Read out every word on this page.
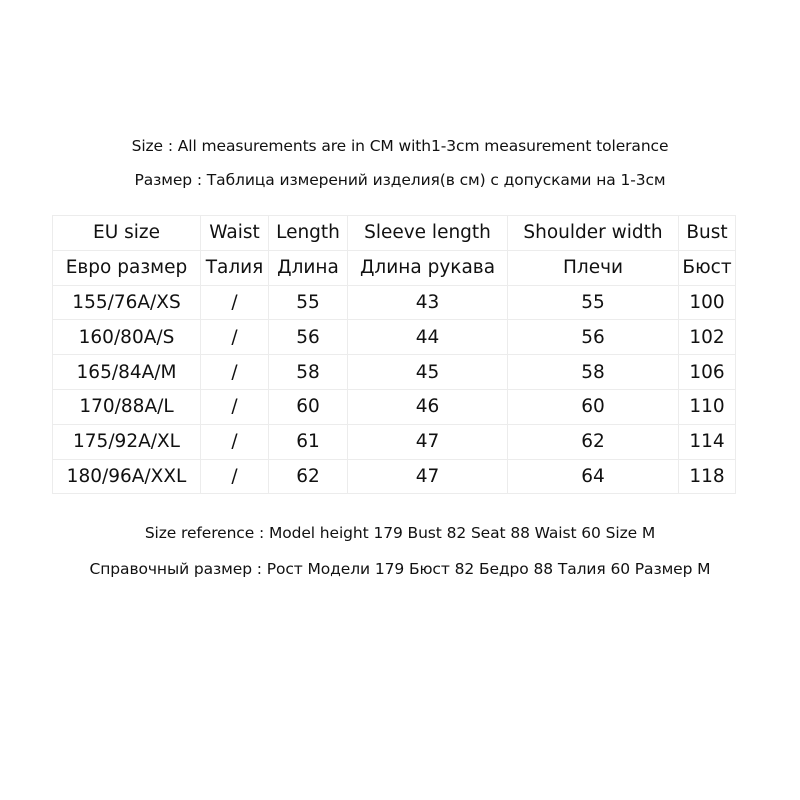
Size : All measurements are in CM with1-3cm measurement tolerance
Размер : Таблица измерений изделия(в см) с допусками на 1-3см
EU size	Waist	Length	Sleeve length	Shoulder width	Bust
Евро размер	Талия	Длина	Длина рукава	Плечи	Бюст
155/76A/XS	/	55	43	55	100
160/80A/S	/	56	44	56	102
165/84A/M	/	58	45	58	106
170/88A/L	/	60	46	60	110
175/92A/XL	/	61	47	62	114
180/96A/XXL	/	62	47	64	118
Size reference : Model height 179 Bust 82 Seat 88 Waist 60 Size M
Справочный размер : Рост Модели 179 Бюст 82 Бедро 88 Талия 60 Размер M
